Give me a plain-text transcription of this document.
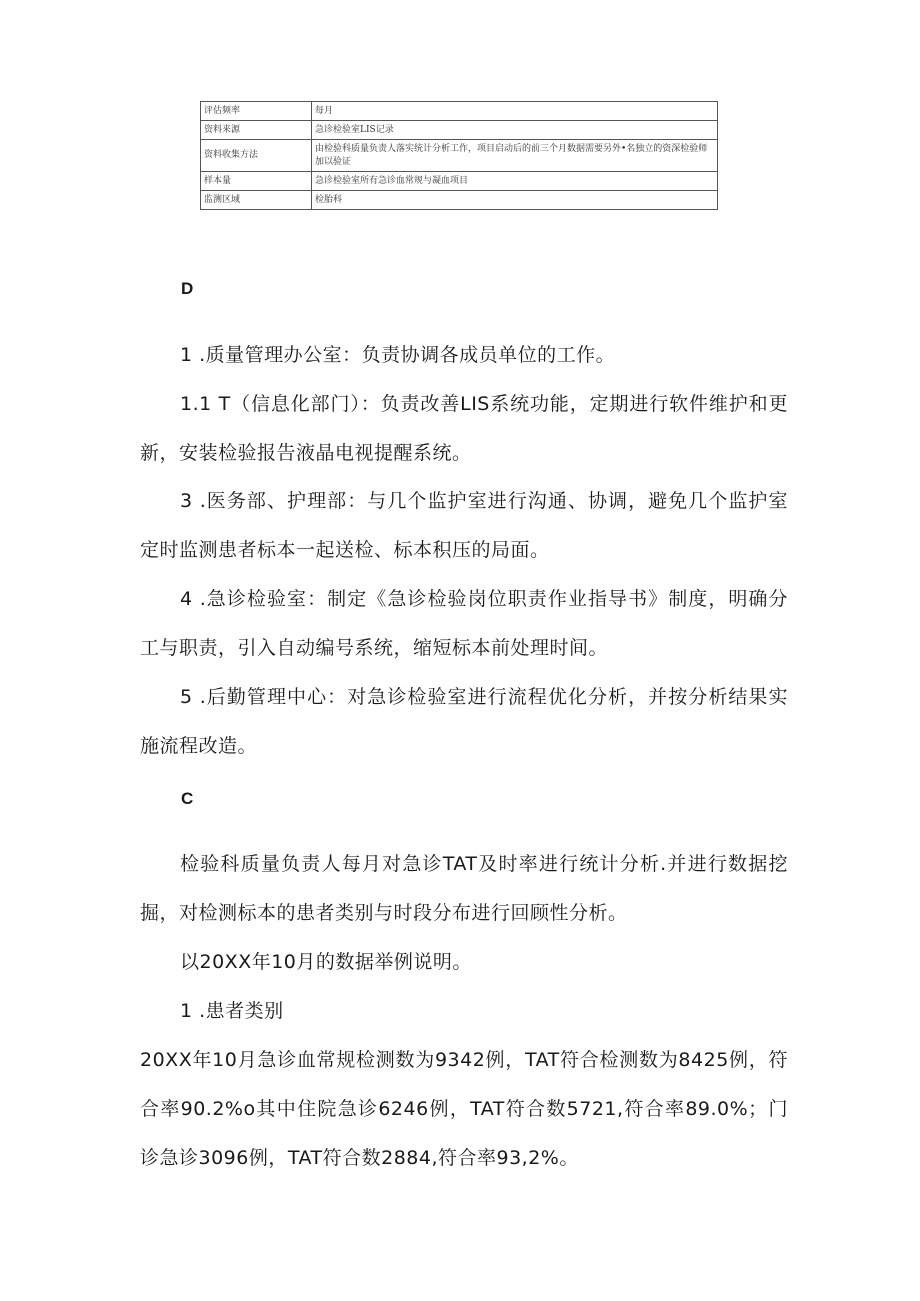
评估频率	每月
资料来源	急诊检验室LIS记录
资料收集方法	由检验科质量负责人落实统计分析工作，项目启动后的前三个月数据需要另外•名独立的资深检验师加以验证
样本量	急诊检验室所有急诊血常规与凝血项目
监测区域	检胎科
D

1 .质量管理办公室：负责协调各成员单位的工作。

1.1 T（信息化部门）：负责改善LIS系统功能，定期进行软件维护和更新，安装检验报告液晶电视提醒系统。

3 .医务部、护理部：与几个监护室进行沟通、协调，避免几个监护室定时监测患者标本一起送检、标本积压的局面。

4 .急诊检验室：制定《急诊检验岗位职责作业指导书》制度，明确分工与职责，引入自动编号系统，缩短标本前处理时间。

5 .后勤管理中心：对急诊检验室进行流程优化分析，并按分析结果实施流程改造。

C

检验科质量负责人每月对急诊TAT及时率进行统计分析.并进行数据挖掘，对检测标本的患者类别与时段分布进行回顾性分析。

以20XX年10月的数据举例说明。

1 .患者类别

20XX年10月急诊血常规检测数为9342例，TAT符合检测数为8425例，符合率90.2%o其中住院急诊6246例，TAT符合数5721,符合率89.0%；门诊急诊3096例，TAT符合数2884,符合率93,2%。
